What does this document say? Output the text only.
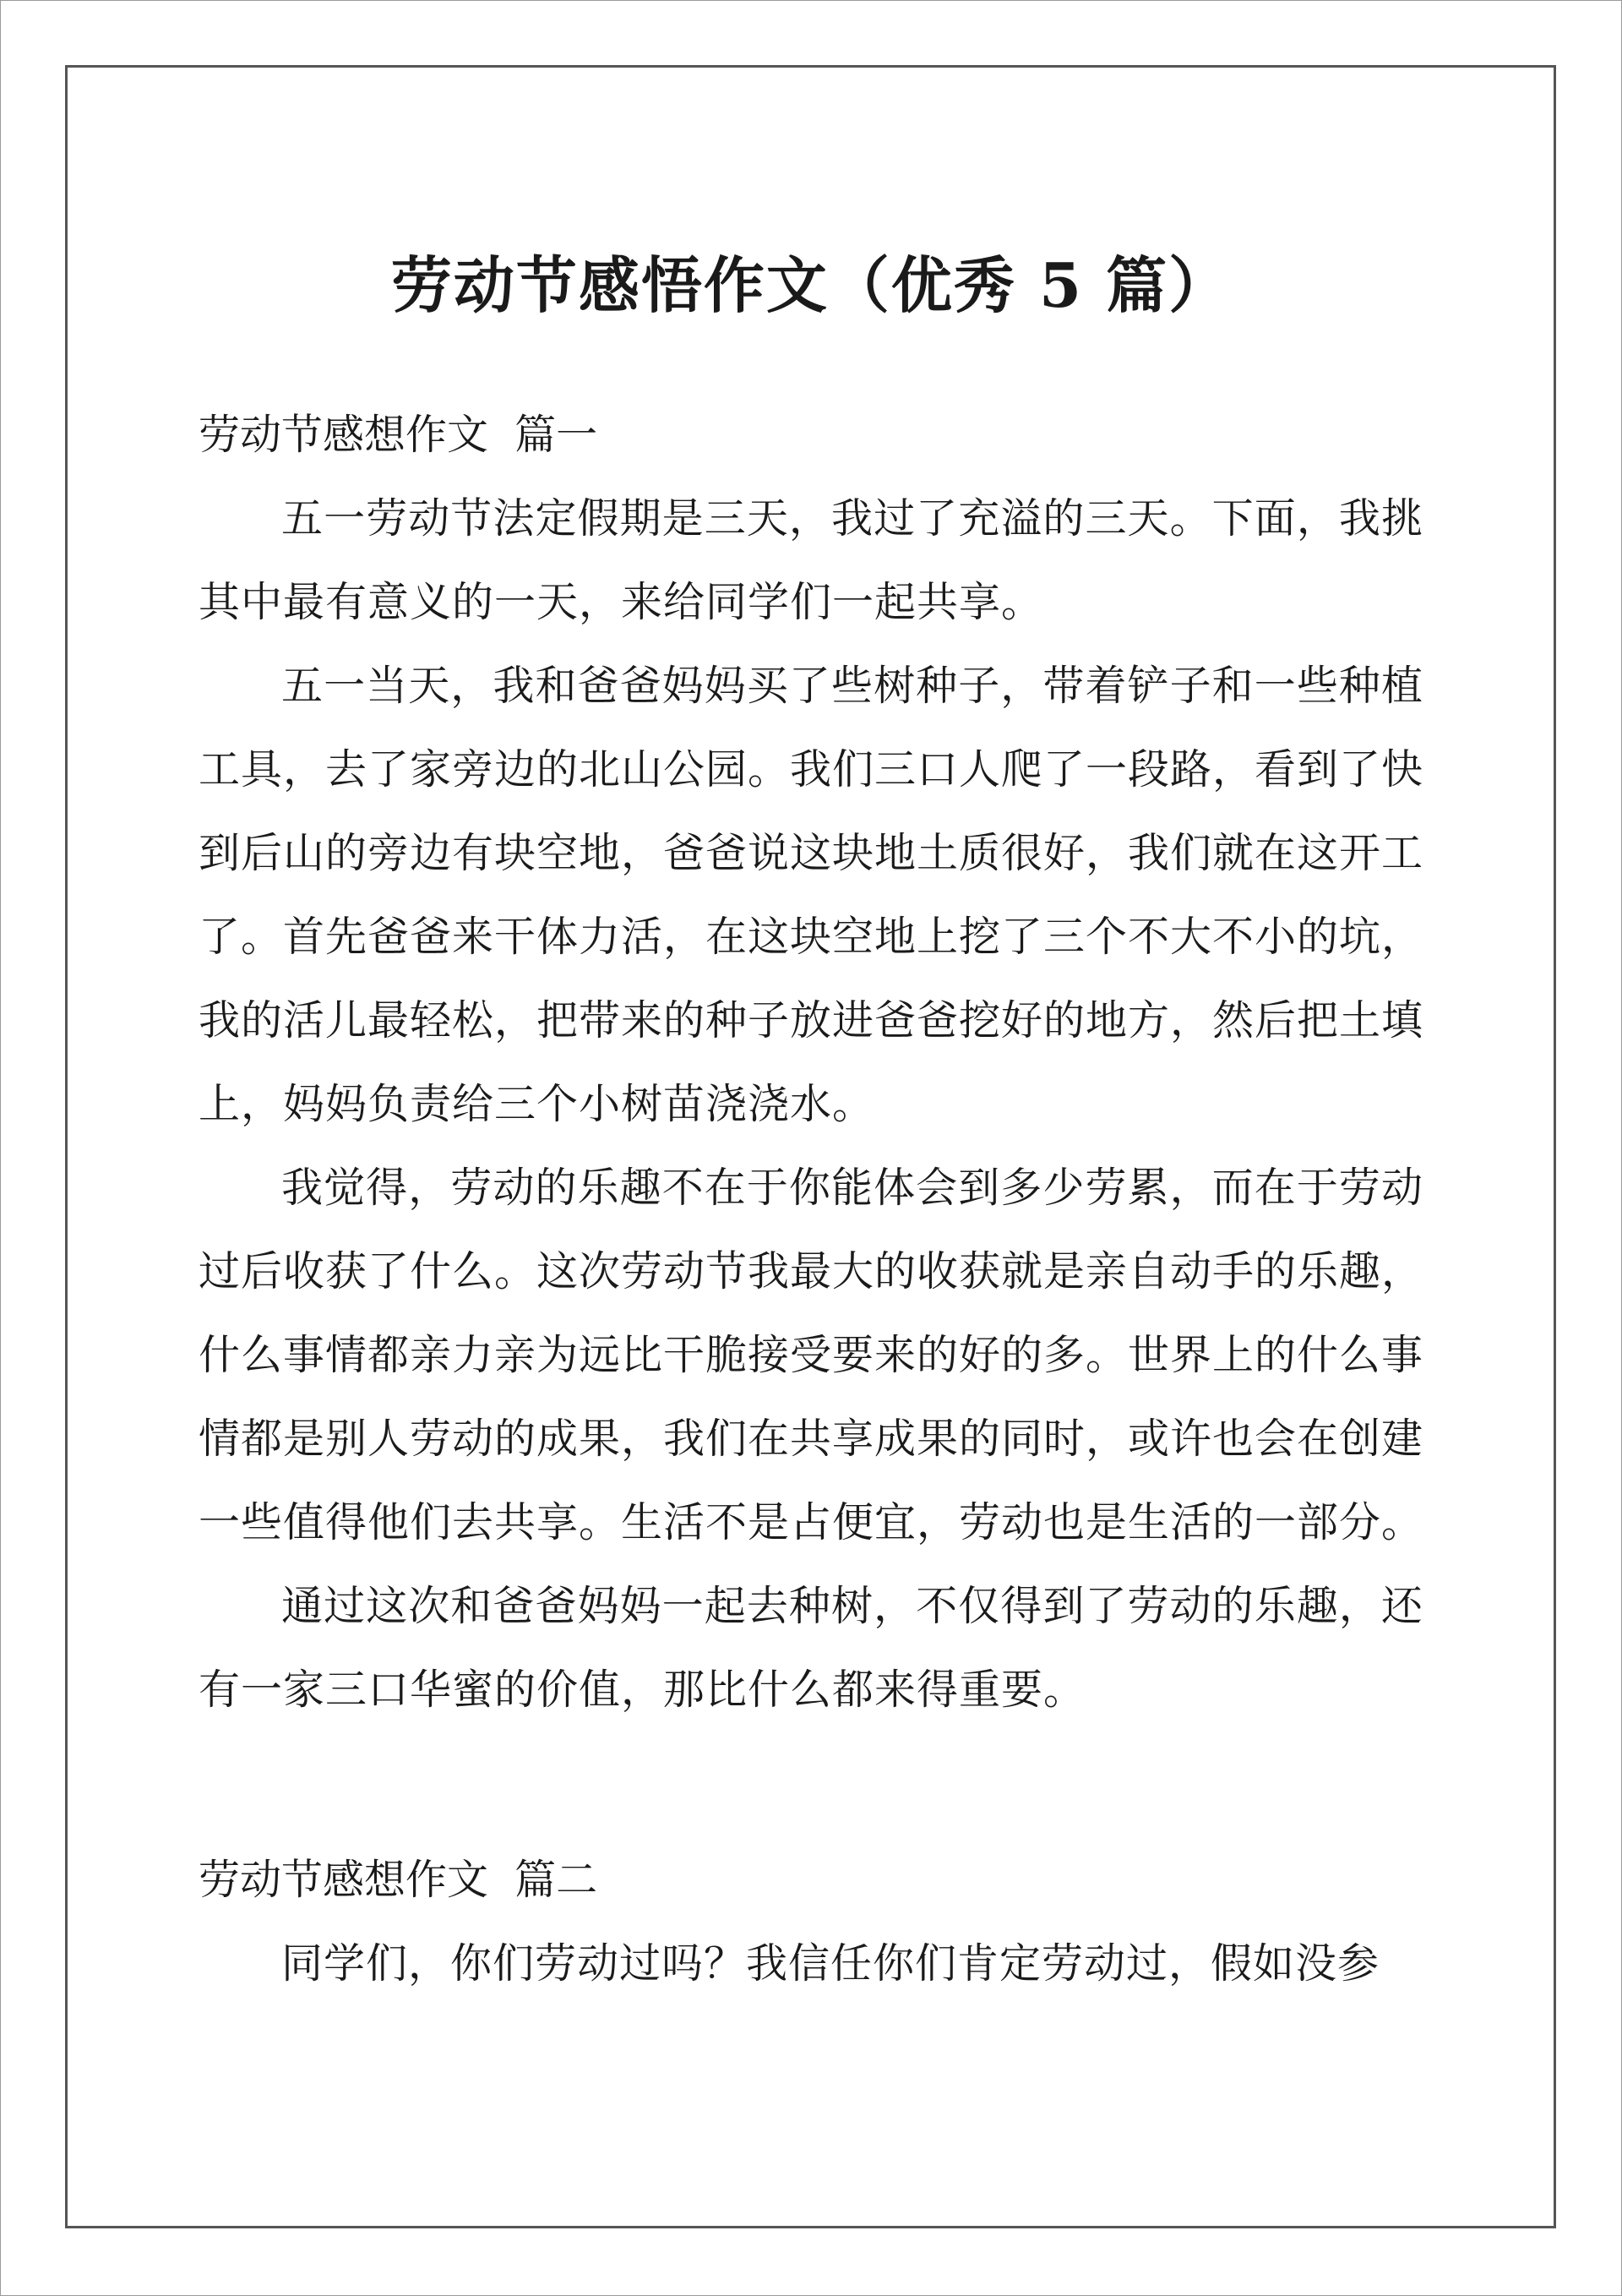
劳动节感悟作文（优秀 5 篇）
劳动节感想作文  篇一

五一劳动节法定假期是三天，我过了充溢的三天。下面，我挑其中最有意义的一天，来给同学们一起共享。

五一当天，我和爸爸妈妈买了些树种子，带着铲子和一些种植工具，去了家旁边的北山公园。我们三口人爬了一段路，看到了快到后山的旁边有块空地，爸爸说这块地土质很好，我们就在这开工了。首先爸爸来干体力活，在这块空地上挖了三个不大不小的坑，我的活儿最轻松，把带来的种子放进爸爸挖好的地方，然后把土填上，妈妈负责给三个小树苗浇浇水。

我觉得，劳动的乐趣不在于你能体会到多少劳累，而在于劳动过后收获了什么。这次劳动节我最大的收获就是亲自动手的乐趣，什么事情都亲力亲为远比干脆接受要来的好的多。世界上的什么事情都是别人劳动的成果，我们在共享成果的同时，或许也会在创建一些值得他们去共享。生活不是占便宜，劳动也是生活的一部分。

通过这次和爸爸妈妈一起去种树，不仅得到了劳动的乐趣，还有一家三口华蜜的价值，那比什么都来得重要。

劳动节感想作文  篇二

同学们，你们劳动过吗？我信任你们肯定劳动过，假如没参
